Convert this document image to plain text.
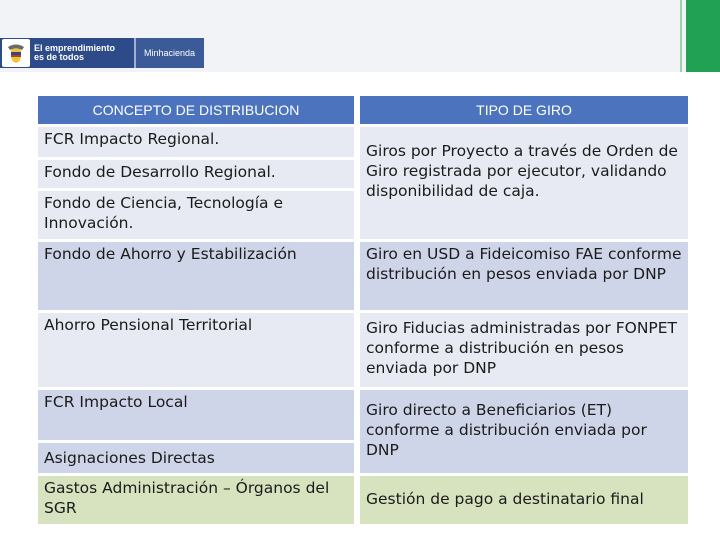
El emprendimiento
es de todos	Minhacienda
CONCEPTO DE DISTRIBUCION	TIPO DE GIRO
FCR Impacto Regional.
Fondo de Desarrollo Regional.
Fondo de Ciencia, Tecnología e Innovación.
Fondo de Ahorro y Estabilización
Ahorro Pensional Territorial
FCR Impacto Local
Asignaciones Directas
Gastos Administración – Órganos del SGR
Giros por Proyecto a través de Orden de Giro registrada por ejecutor, validando disponibilidad de caja.
Giro en USD a Fideicomiso FAE conforme distribución en pesos enviada por DNP
Giro Fiducias administradas por FONPET conforme a distribución en pesos enviada por DNP
Giro directo a Beneficiarios (ET) conforme a distribución enviada por DNP
Gestión de pago a destinatario final
